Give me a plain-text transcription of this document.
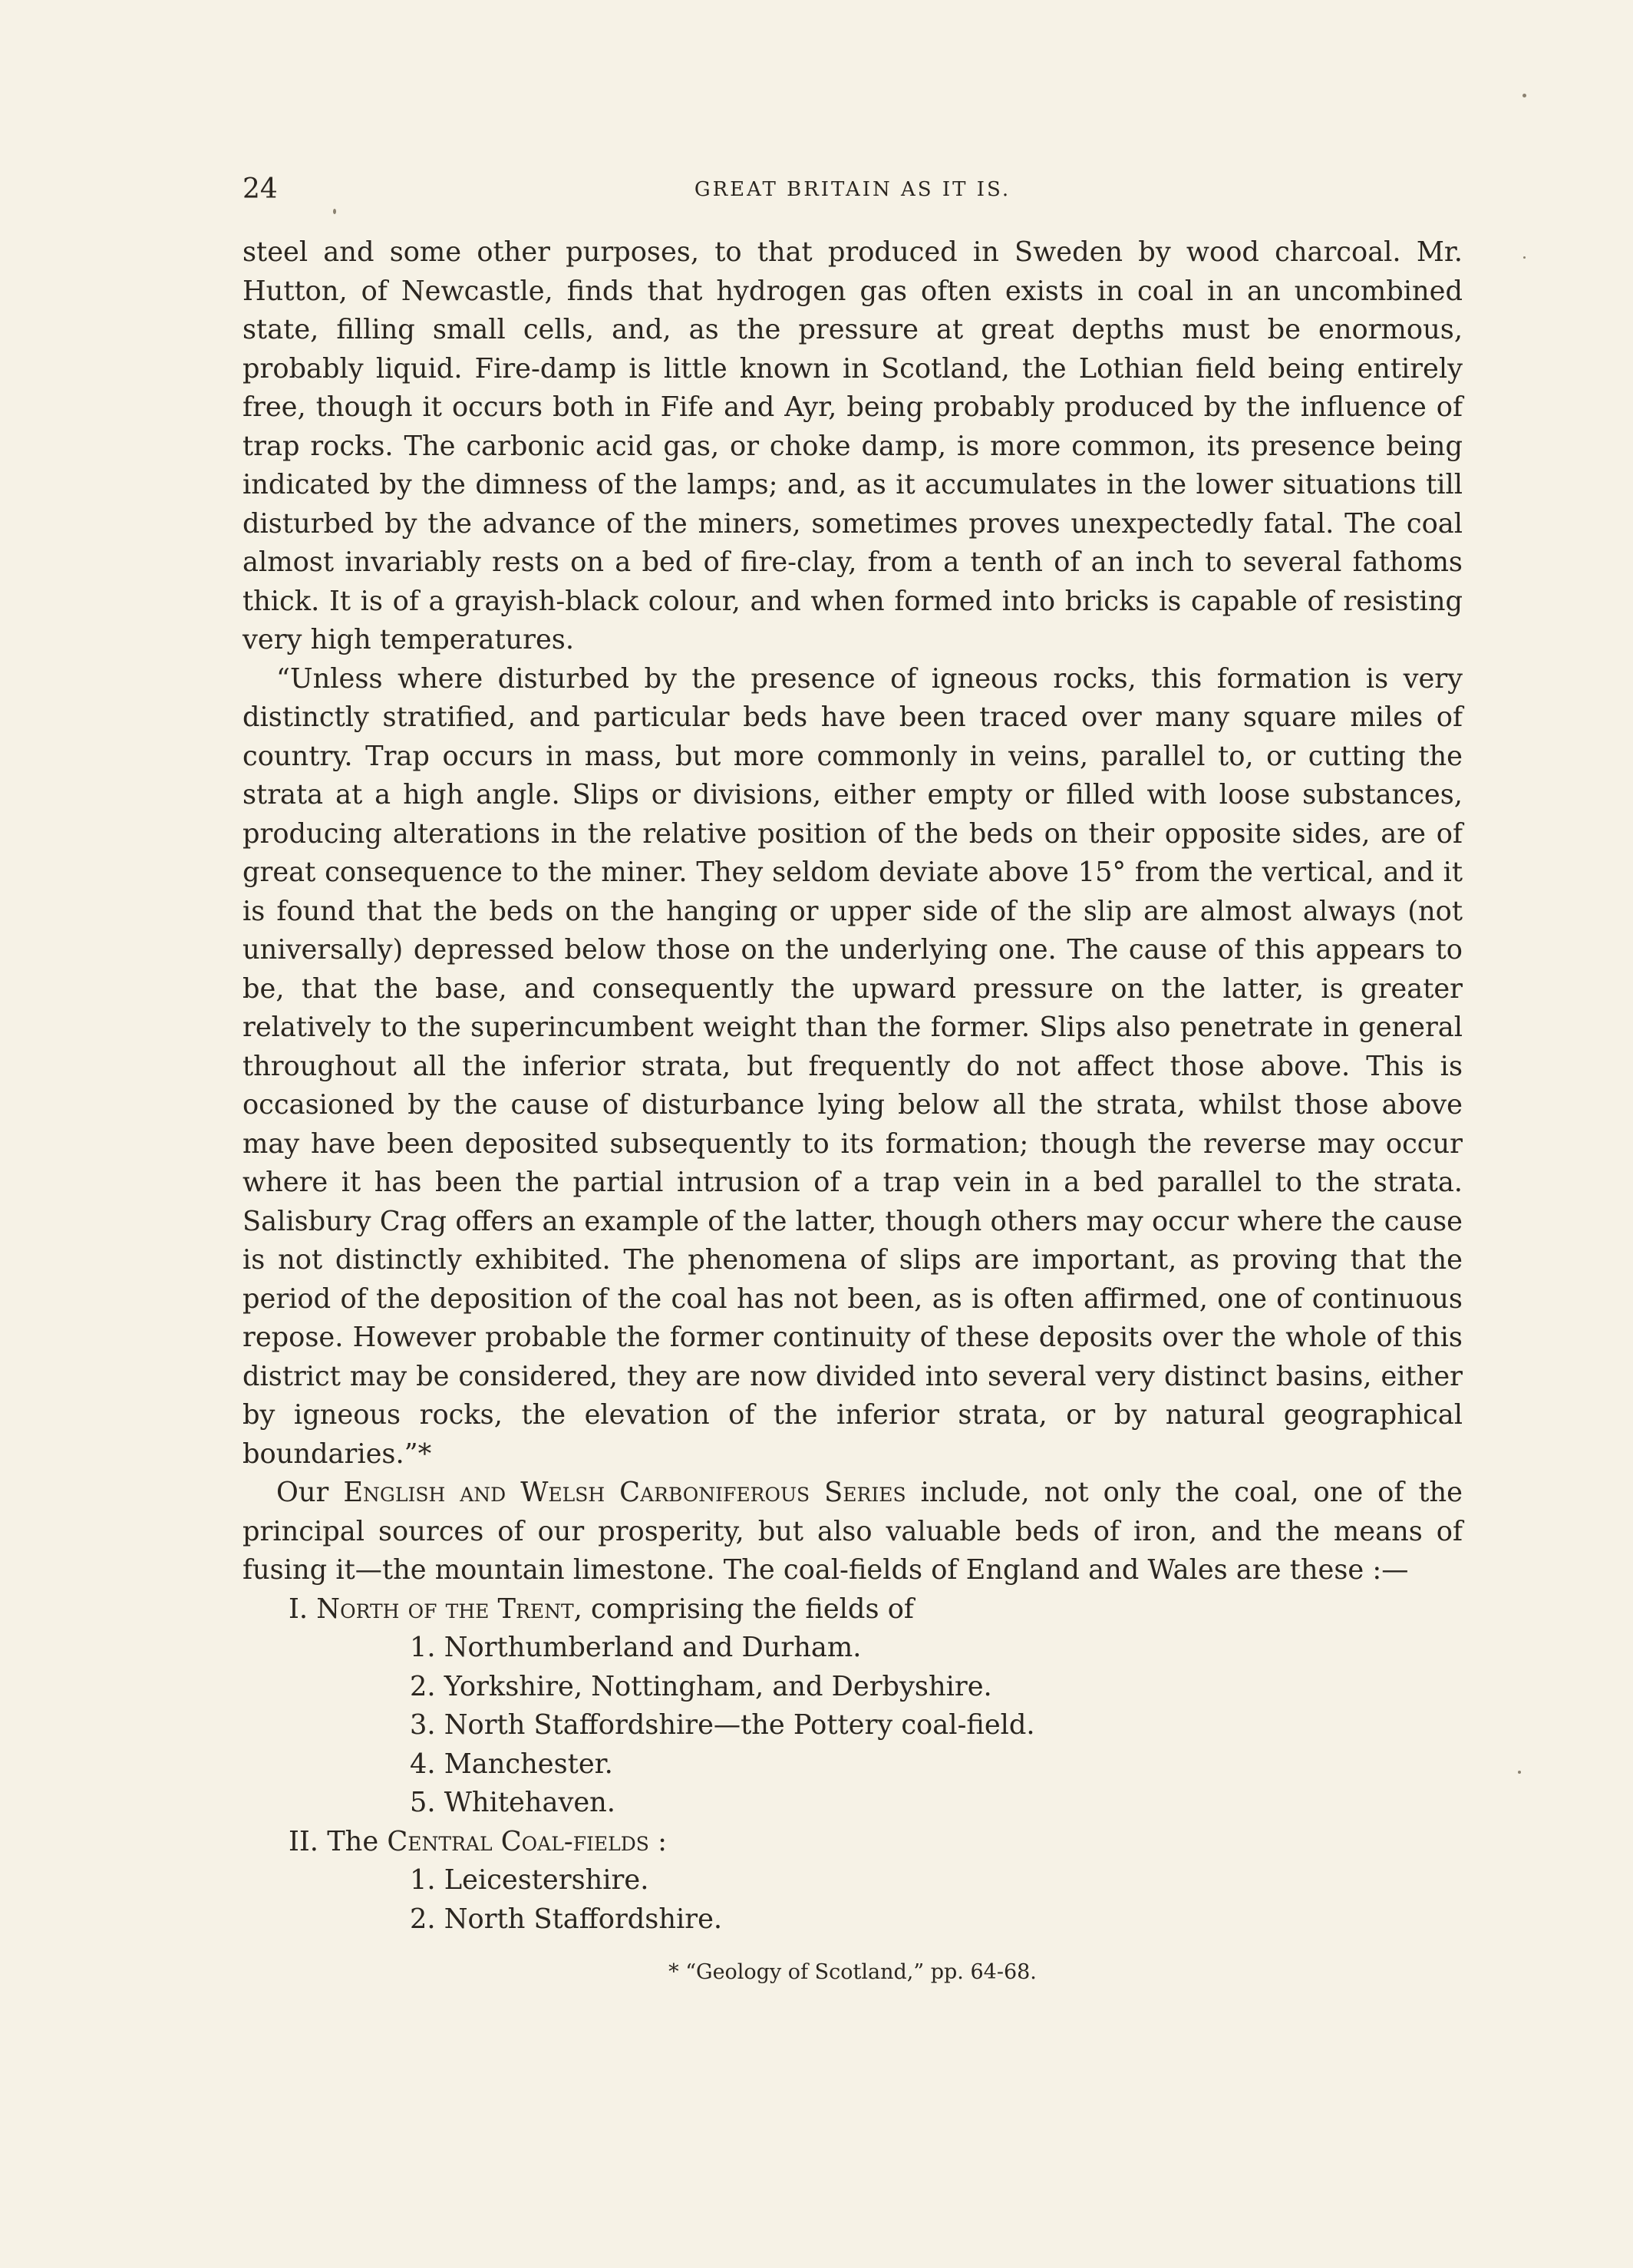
24	GREAT BRITAIN AS IT IS.

steel and some other purposes, to that produced in Sweden by wood charcoal. Mr. Hutton, of Newcastle, finds that hydrogen gas often exists in coal in an uncombined state, filling small cells, and, as the pressure at great depths must be enormous, probably liquid. Fire-damp is little known in Scotland, the Lothian field being entirely free, though it occurs both in Fife and Ayr, being probably produced by the influence of trap rocks. The carbonic acid gas, or choke damp, is more common, its presence being indicated by the dimness of the lamps; and, as it accumulates in the lower situations till disturbed by the advance of the miners, sometimes proves unexpectedly fatal. The coal almost invariably rests on a bed of fire-clay, from a tenth of an inch to several fathoms thick. It is of a grayish-black colour, and when formed into bricks is capable of resisting very high temperatures.

“Unless where disturbed by the presence of igneous rocks, this formation is very distinctly stratified, and particular beds have been traced over many square miles of country. Trap occurs in mass, but more commonly in veins, parallel to, or cutting the strata at a high angle. Slips or divisions, either empty or filled with loose substances, producing alterations in the relative position of the beds on their opposite sides, are of great consequence to the miner. They seldom deviate above 15° from the vertical, and it is found that the beds on the hanging or upper side of the slip are almost always (not universally) depressed below those on the underlying one. The cause of this appears to be, that the base, and consequently the upward pressure on the latter, is greater relatively to the superincumbent weight than the former. Slips also penetrate in general throughout all the inferior strata, but frequently do not affect those above. This is occasioned by the cause of disturbance lying below all the strata, whilst those above may have been deposited subsequently to its formation; though the reverse may occur where it has been the partial intrusion of a trap vein in a bed parallel to the strata. Salisbury Crag offers an example of the latter, though others may occur where the cause is not distinctly exhibited. The phenomena of slips are important, as proving that the period of the deposition of the coal has not been, as is often affirmed, one of continuous repose. However probable the former continuity of these deposits over the whole of this district may be considered, they are now divided into several very distinct basins, either by igneous rocks, the elevation of the inferior strata, or by natural geographical boundaries.”*

Our English and Welsh Carboniferous Series include, not only the coal, one of the principal sources of our prosperity, but also valuable beds of iron, and the means of fusing it—the mountain limestone. The coal-fields of England and Wales are these :—

I. North of the Trent, comprising the fields of
1. Northumberland and Durham.
2. Yorkshire, Nottingham, and Derbyshire.
3. North Staffordshire—the Pottery coal-field.
4. Manchester.
5. Whitehaven.
II. The Central Coal-fields :
1. Leicestershire.
2. North Staffordshire.
* “Geology of Scotland,” pp. 64-68.
